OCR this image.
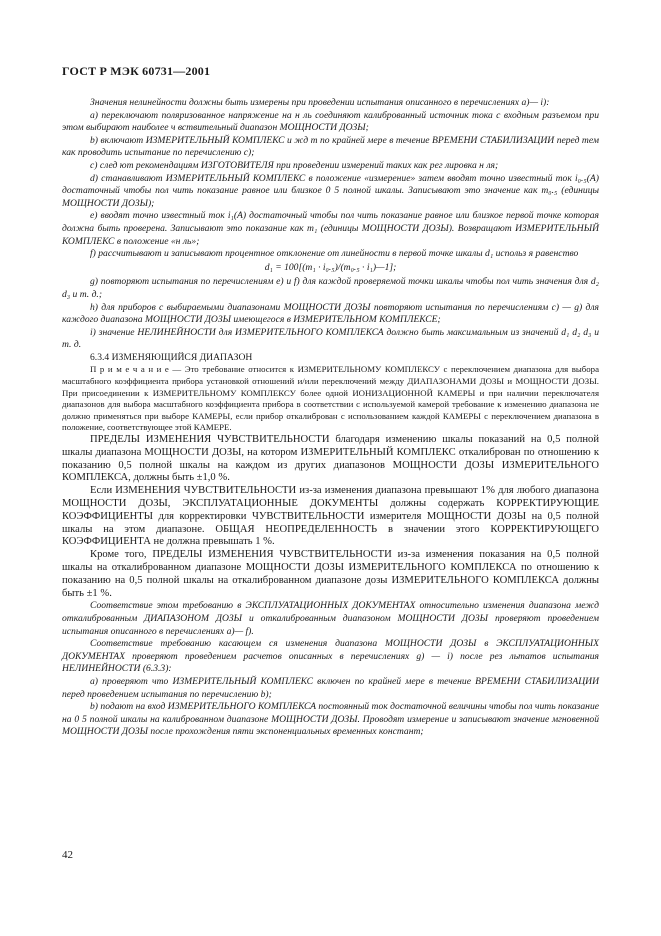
ГОСТ Р МЭК 60731—2001

Значения нелинейности должны быть измерены при проведении испытания описанного в перечислениях а)— i):

а) переключают поляризованное напряжение на н ль соединяют калиброванный источник тока с входным разъемом при этом выбирают наиболее ч вствительный диапазон МОЩНОСТИ ДОЗЫ;

b) включают ИЗМЕРИТЕЛЬНЫЙ КОМПЛЕКС и жд т по крайней мере в течение ВРЕМЕНИ СТАБИЛИЗАЦИИ перед тем как проводить испытание по перечислению с);

с) след ют рекомендациям ИЗГОТОВИТЕЛЯ при проведении измерений таких как рег лировка н ля;

d) станавливают ИЗМЕРИТЕЛЬНЫЙ КОМПЛЕКС в положение «измерение» затем вводят точно известный ток i₀.₅(A) достаточный чтобы пол чить показание равное или близкое 0 5 полной шкалы. Записывают это значение как m₀.₅ (единицы МОЩНОСТИ ДОЗЫ);

е) вводят точно известный ток i₁(A) достаточный чтобы пол чить показание равное или близкое первой точке которая должна быть проверена. Записывают это показание как m₁ (единицы МОЩНОСТИ ДОЗЫ). Возвращают ИЗМЕРИТЕЛЬНЫЙ КОМПЛЕКС в положение «н ль»;

f) рассчитывают и записывают процентное отклонение от линейности в первой точке шкалы d₁ использ я равенство

d₁ = 100[(m₁ · i₀.₅)/(m₀.₅ · i₁)—1];

g) повторяют испытания по перечислениям е) и f) для каждой проверяемой точки шкалы чтобы пол чить значения для d₂ d₃ и т. д.;

h) для приборов с выбираемыми диапазонами МОЩНОСТИ ДОЗЫ повторяют испытания по перечислениям с) — g) для каждого диапазона МОЩНОСТИ ДОЗЫ имеющегося в ИЗМЕРИТЕЛЬНОМ КОМПЛЕКСЕ;

i) значение НЕЛИНЕЙНОСТИ для ИЗМЕРИТЕЛЬНОГО КОМПЛЕКСА должно быть максимальным из значений d₁ d₂ d₃ и т. д.

6.3.4 ИЗМЕНЯЮЩИЙСЯ ДИАПАЗОН

П р и м е ч а н и е — Это требование относится к ИЗМЕРИТЕЛЬНОМУ КОМПЛЕКСУ с переключением диапазона для выбора масштабного коэффициента прибора установкой отношений и/или переключений между ДИАПАЗОНАМИ ДОЗЫ и МОЩНОСТИ ДОЗЫ. При присоединении к ИЗМЕРИТЕЛЬНОМУ КОМПЛЕКСУ более одной ИОНИЗАЦИОННОЙ КАМЕРЫ и при наличии переключателя диапазонов для выбора масштабного коэффициента прибора в соответствии с используемой камерой требование к изменению диапазона не должно применяться при выборе КАМЕРЫ, если прибор откалиброван с использованием каждой КАМЕРЫ с переключением диапазона в положение, соответствующее этой КАМЕРЕ.

ПРЕДЕЛЫ ИЗМЕНЕНИЯ ЧУВСТВИТЕЛЬНОСТИ благодаря изменению шкалы показаний на 0,5 полной шкалы диапазона МОЩНОСТИ ДОЗЫ, на котором ИЗМЕРИТЕЛЬНЫЙ КОМПЛЕКС откалиброван по отношению к показанию 0,5 полной шкалы на каждом из других диапазонов МОЩНОСТИ ДОЗЫ ИЗМЕРИТЕЛЬНОГО КОМПЛЕКСА, должны быть ±1,0 %.

Если ИЗМЕНЕНИЯ ЧУВСТВИТЕЛЬНОСТИ из-за изменения диапазона превышают 1% для любого диапазона МОЩНОСТИ ДОЗЫ, ЭКСПЛУАТАЦИОННЫЕ ДОКУМЕНТЫ должны содержать КОРРЕКТИРУЮЩИЕ КОЭФФИЦИЕНТЫ для корректировки ЧУВСТВИТЕЛЬНОСТИ измерителя МОЩНОСТИ ДОЗЫ на 0,5 полной шкалы на этом диапазоне. ОБЩАЯ НЕОПРЕДЕЛЕННОСТЬ в значении этого КОРРЕКТИРУЮЩЕГО КОЭФФИЦИЕНТА не должна превышать 1 %.

Кроме того, ПРЕДЕЛЫ ИЗМЕНЕНИЯ ЧУВСТВИТЕЛЬНОСТИ из-за изменения показания на 0,5 полной шкалы на откалиброванном диапазоне МОЩНОСТИ ДОЗЫ ИЗМЕРИТЕЛЬНОГО КОМПЛЕКСА по отношению к показанию на 0,5 полной шкалы на откалиброванном диапазоне дозы ИЗМЕРИТЕЛЬНОГО КОМПЛЕКСА должны быть ±1 %.

Соответствие этом требованию в ЭКСПЛУАТАЦИОННЫХ ДОКУМЕНТАХ относительно изменения диапазона межд откалиброванным ДИАПАЗОНОМ ДОЗЫ и откалиброванным диапазоном МОЩНОСТИ ДОЗЫ проверяют проведением испытания описанного в перечислениях а)— f).

Соответствие требованию касающем ся изменения диапазона МОЩНОСТИ ДОЗЫ в ЭКСПЛУАТАЦИОННЫХ ДОКУМЕНТАХ проверяют проведением расчетов описанных в перечислениях g) — i) после рез льтатов испытания НЕЛИНЕЙНОСТИ (6.3.3):

а) проверяют что ИЗМЕРИТЕЛЬНЫЙ КОМПЛЕКС включен по крайней мере в течение ВРЕМЕНИ СТАБИЛИЗАЦИИ перед проведением испытания по перечислению b);

b) подают на вход ИЗМЕРИТЕЛЬНОГО КОМПЛЕКСА постоянный ток достаточной величины чтобы пол чить показание на 0 5 полной шкалы на калиброванном диапазоне МОЩНОСТИ ДОЗЫ. Проводят измерение и записывают значение мгновенной МОЩНОСТИ ДОЗЫ после прохождения пяти экспоненциальных временных констант;

42
